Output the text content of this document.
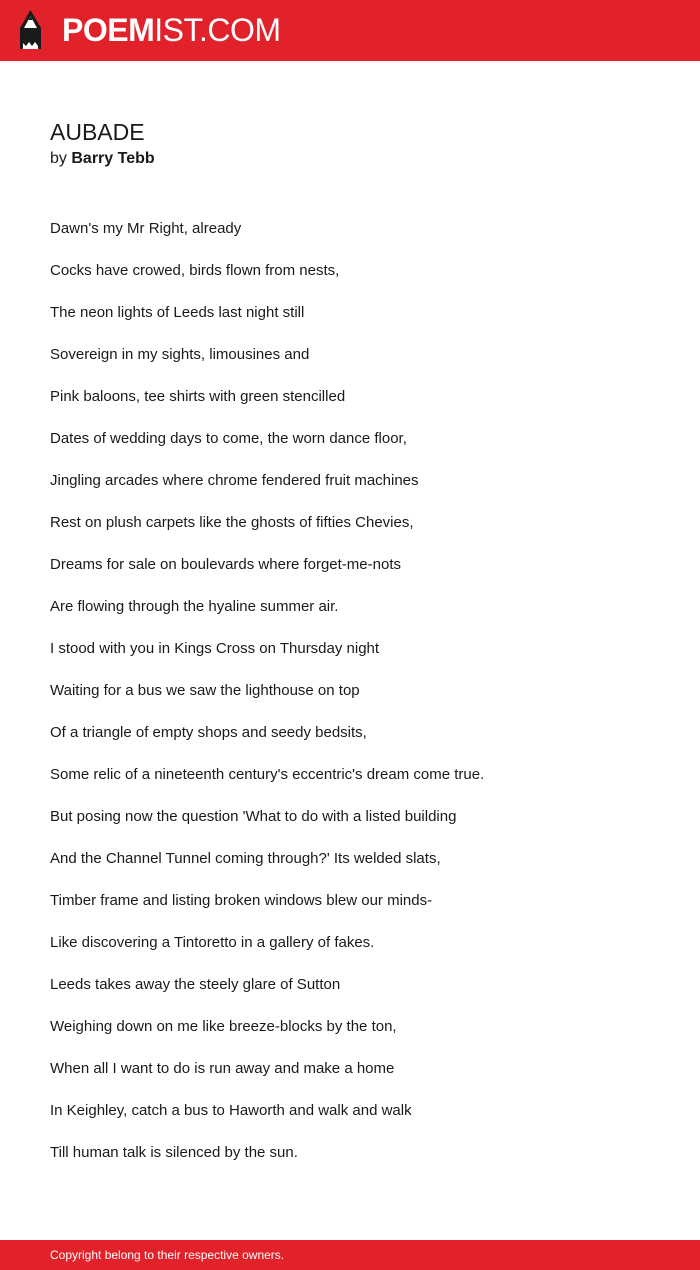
POEMIST.COM
AUBADE
by Barry Tebb
Dawn's my Mr Right, already
Cocks have crowed, birds flown from nests,
The neon lights of Leeds last night still
Sovereign in my sights, limousines and
Pink baloons, tee shirts with green stencilled
Dates of wedding days to come, the worn dance floor,
Jingling arcades where chrome fendered fruit machines
Rest on plush carpets like the ghosts of fifties Chevies,
Dreams for sale on boulevards where forget-me-nots
Are flowing through the hyaline summer air.
I stood with you in Kings Cross on Thursday night
Waiting for a bus we saw the lighthouse on top
Of a triangle of empty shops and seedy bedsits,
Some relic of a nineteenth century's eccentric's dream come true.
But posing now the question 'What to do with a listed building
And the Channel Tunnel coming through?' Its welded slats,
Timber frame and listing broken windows blew our minds-
Like discovering a Tintoretto in a gallery of fakes.
Leeds takes away the steely glare of Sutton
Weighing down on me like breeze-blocks by the ton,
When all I want to do is run away and make a home
In Keighley, catch a bus to Haworth and walk and walk
Till human talk is silenced by the sun.
Copyright belong to their respective owners.
